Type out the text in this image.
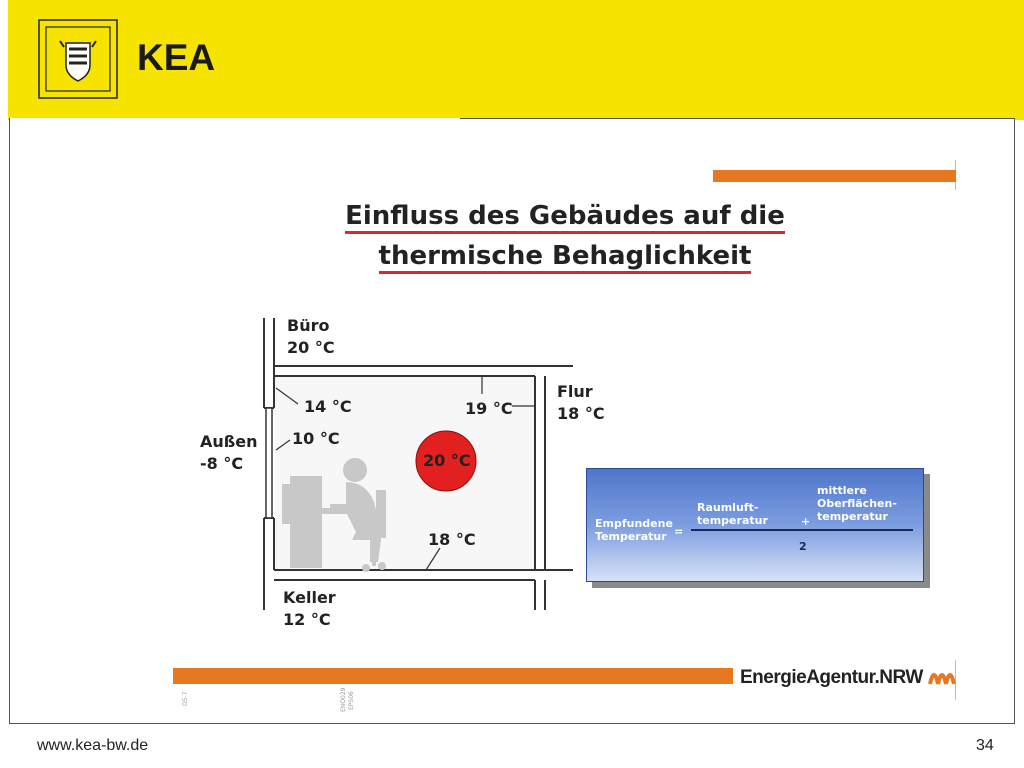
KEA
Einfluss des Gebäudes auf die
thermische Behaglichkeit
Büro
20 °C
Flur
18 °C
Außen
-8 °C
14 °C
10 °C
19 °C
20 °C
18 °C
Keller
12 °C
Empfundene
Temperatur =
Raumluft-
temperatur	+
mittlere
Oberflächen-
temperatur
2
EnergieAgentur.NRW
D5-7	ENO029 EPS06
www.kea-bw.de	34
